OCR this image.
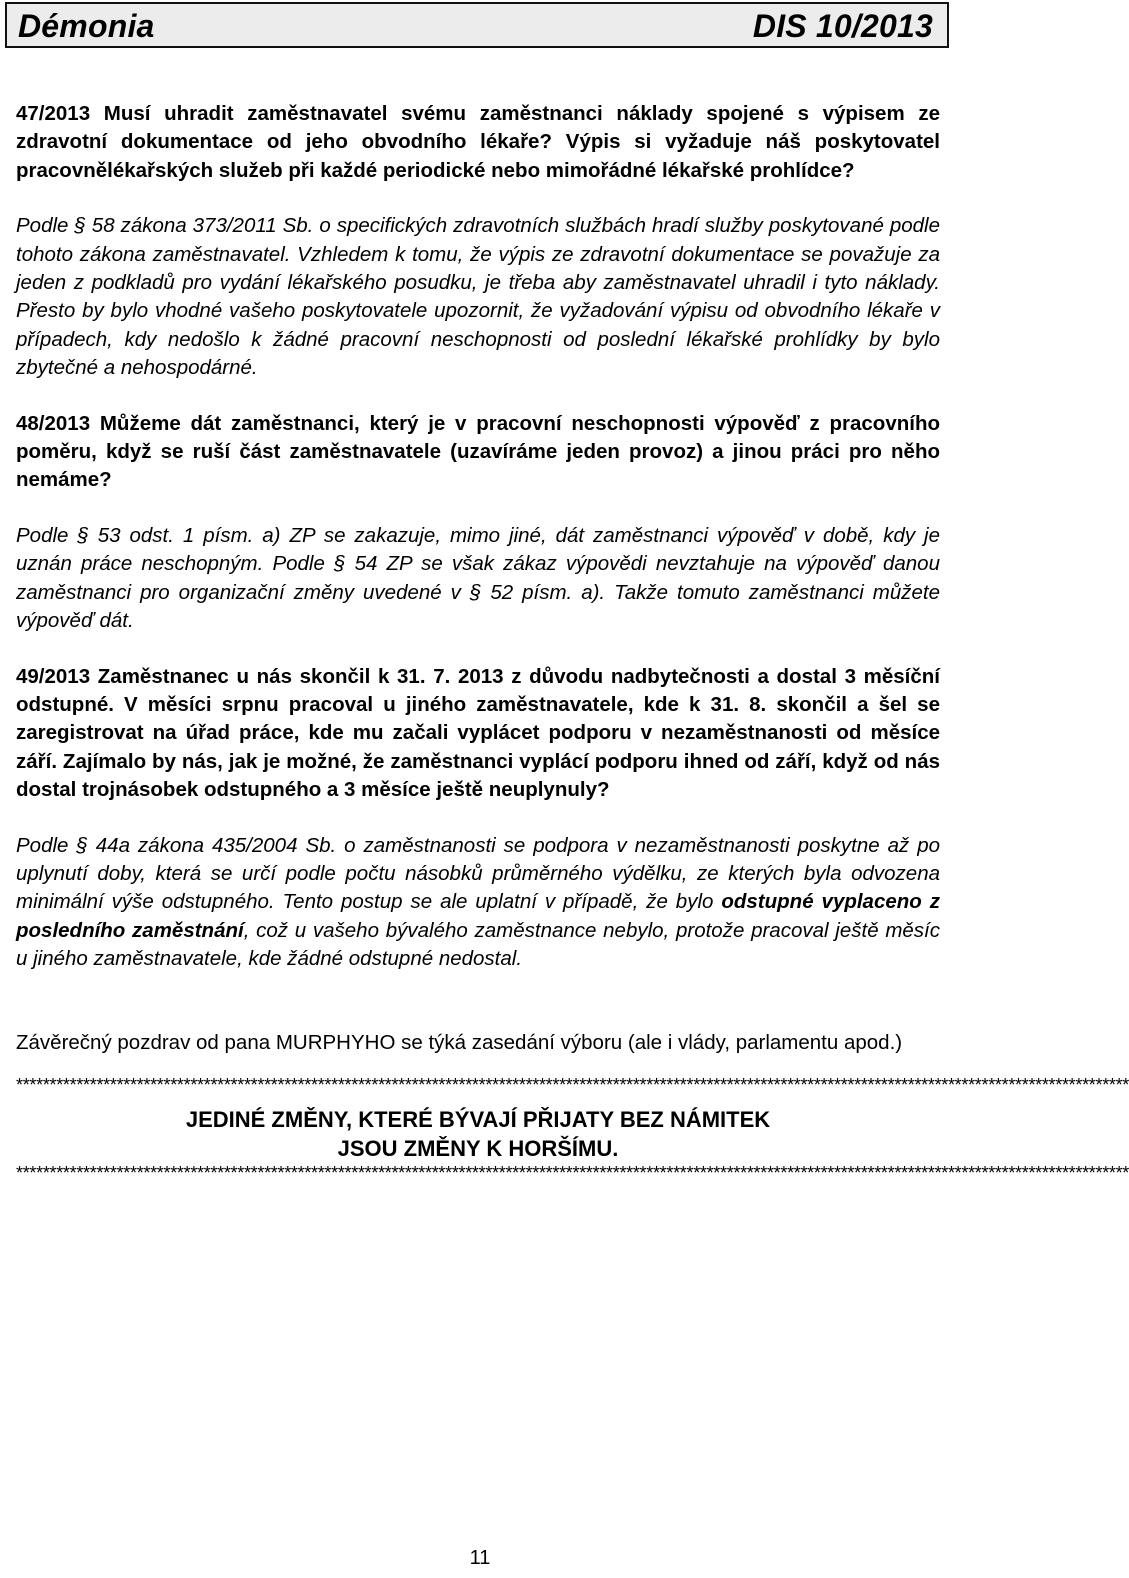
Démonia	DIS 10/2013

47/2013 Musí uhradit zaměstnavatel svému zaměstnanci náklady spojené s výpisem ze zdravotní dokumentace od jeho obvodního lékaře? Výpis si vyžaduje náš poskytovatel pracovnělékařských služeb při každé periodické nebo mimořádné lékařské prohlídce?

Podle § 58 zákona 373/2011 Sb. o specifických zdravotních službách hradí služby poskytované podle tohoto zákona zaměstnavatel. Vzhledem k tomu, že výpis ze zdravotní dokumentace se považuje za jeden z podkladů pro vydání lékařského posudku, je třeba aby zaměstnavatel uhradil i tyto náklady. Přesto by bylo vhodné vašeho poskytovatele upozornit, že vyžadování výpisu od obvodního lékaře v případech, kdy nedošlo k žádné pracovní neschopnosti od poslední lékařské prohlídky by bylo zbytečné a nehospodárné.

48/2013 Můžeme dát zaměstnanci, který je v pracovní neschopnosti výpověď z pracovního poměru, když se ruší část zaměstnavatele (uzavíráme jeden provoz) a jinou práci pro něho nemáme?

Podle § 53 odst. 1 písm. a) ZP se zakazuje, mimo jiné, dát zaměstnanci výpověď v době, kdy je uznán práce neschopným. Podle § 54 ZP se však zákaz výpovědi nevztahuje na výpověď danou zaměstnanci pro organizační změny uvedené v § 52 písm. a). Takže tomuto zaměstnanci můžete výpověď dát.

49/2013 Zaměstnanec u nás skončil k 31. 7. 2013 z důvodu nadbytečnosti a dostal 3 měsíční odstupné. V měsíci srpnu pracoval u jiného zaměstnavatele, kde k 31. 8. skončil a šel se zaregistrovat na úřad práce, kde mu začali vyplácet podporu v nezaměstnanosti od měsíce září. Zajímalo by nás, jak je možné, že zaměstnanci vyplácí podporu ihned od září, když od nás dostal trojnásobek odstupného a 3 měsíce ještě neuplynuly?

Podle § 44a zákona 435/2004 Sb. o zaměstnanosti se podpora v nezaměstnanosti poskytne až po uplynutí doby, která se určí podle počtu násobků průměrného výdělku, ze kterých byla odvozena minimální výše odstupného. Tento postup se ale uplatní v případě, že bylo odstupné vyplaceno z posledního zaměstnání, což u vašeho bývalého zaměstnance nebylo, protože pracoval ještě měsíc u jiného zaměstnavatele, kde žádné odstupné nedostal.

Závěrečný pozdrav od pana MURPHYHO se týká zasedání výboru (ale i vlády, parlamentu apod.)

**********************************************************************************************************************************************************************
JEDINÉ ZMĚNY, KTERÉ BÝVAJÍ PŘIJATY BEZ NÁMITEK
JSOU ZMĚNY K HORŠÍMU.
**********************************************************************************************************************************************************************
11
